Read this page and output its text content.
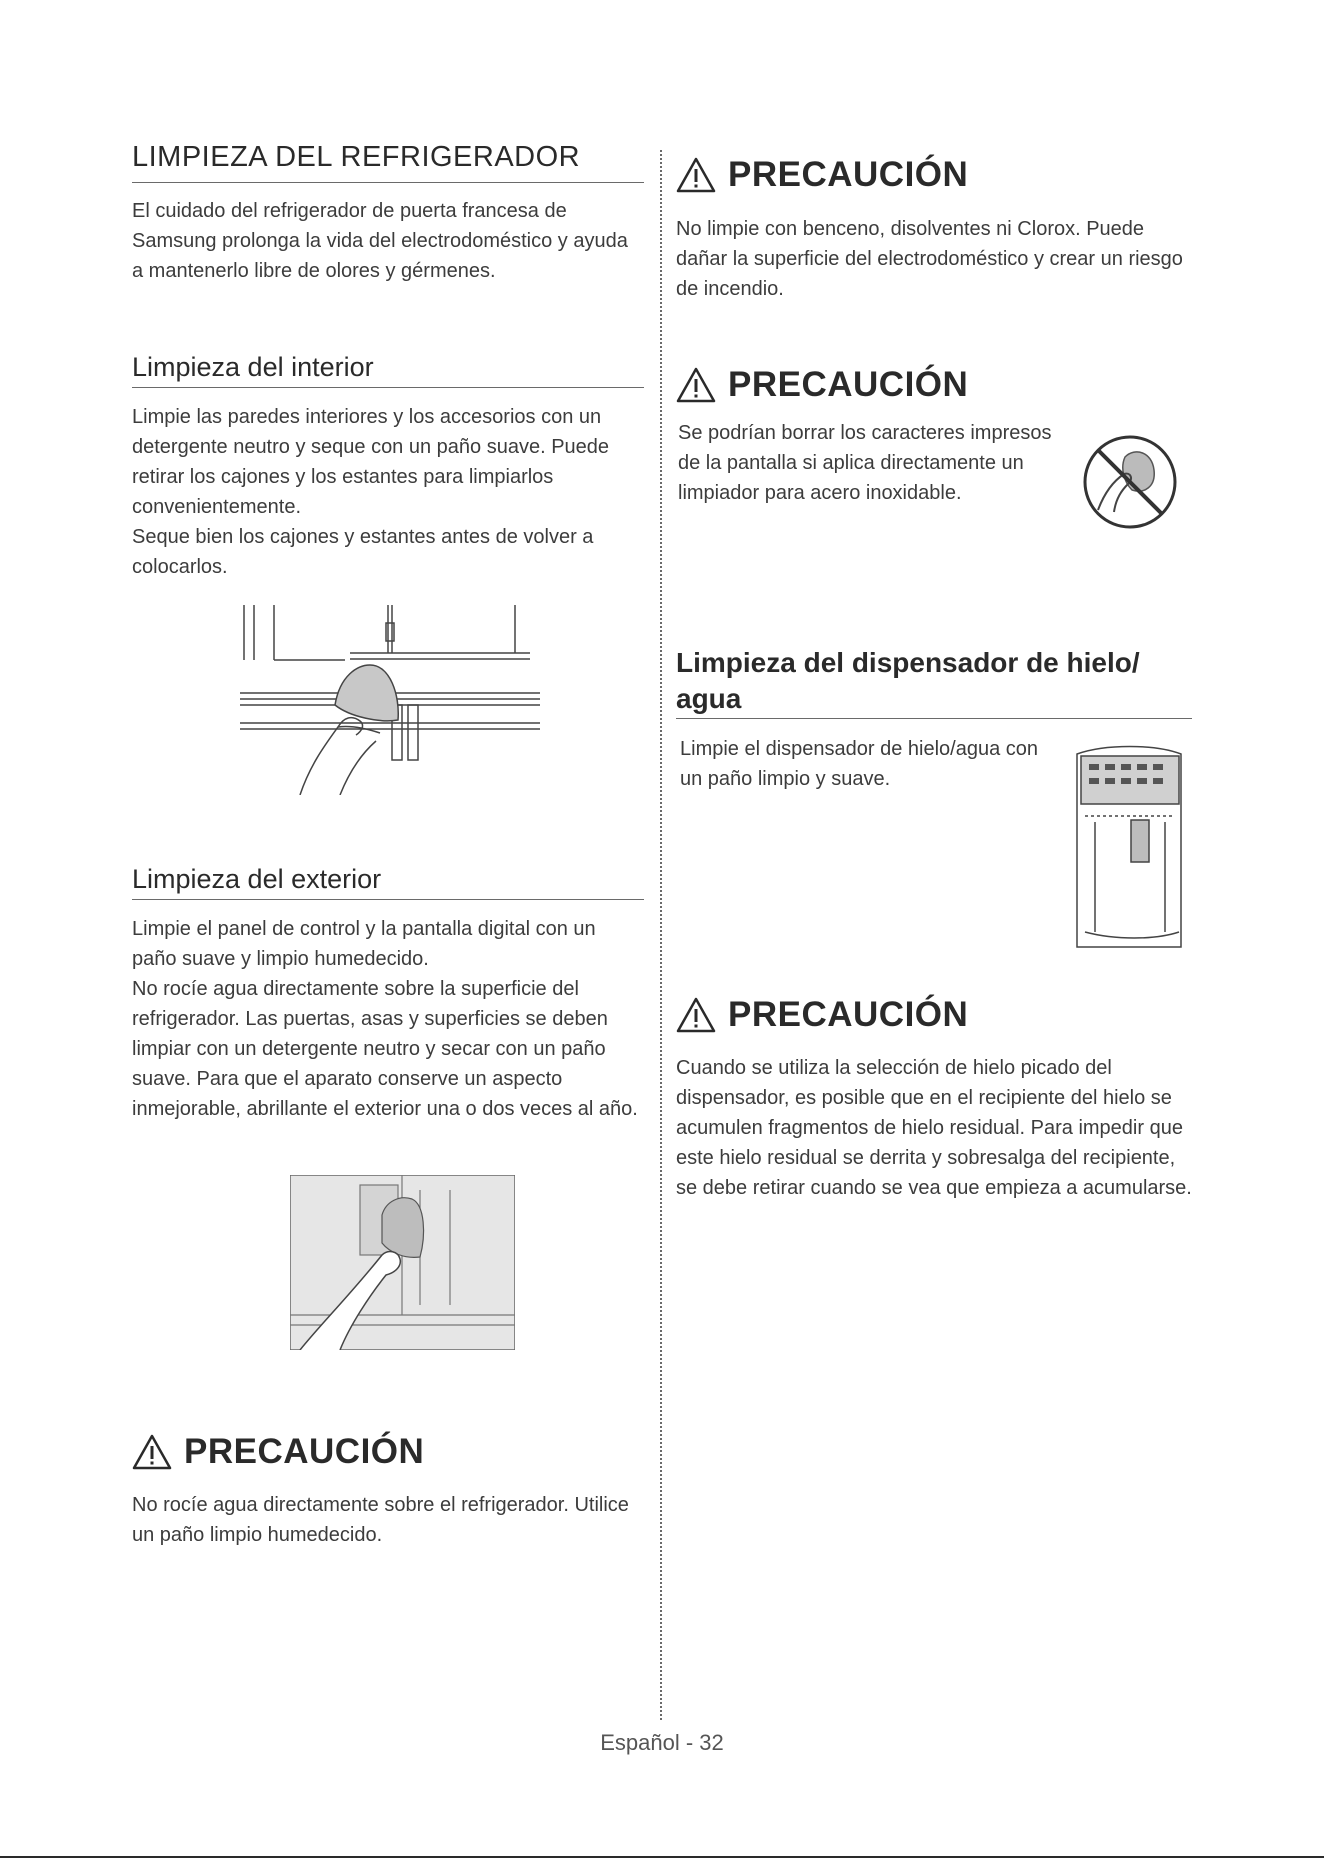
LIMPIEZA DEL REFRIGERADOR
El cuidado del refrigerador de puerta francesa de Samsung prolonga la vida del electrodoméstico y ayuda a mantenerlo libre de olores y gérmenes.
Limpieza del interior

Limpie las paredes interiores y los accesorios con un detergente neutro y seque con un paño suave. Puede retirar los cajones y los estantes para limpiarlos convenientemente.

Seque bien los cajones y estantes antes de volver a colocarlos.

Limpieza del exterior

Limpie el panel de control y la pantalla digital con un paño suave y limpio humedecido.

No rocíe agua directamente sobre la superficie del refrigerador. Las puertas, asas y superficies se deben limpiar con un detergente neutro y secar con un paño suave. Para que el aparato conserve un aspecto inmejorable, abrillante el exterior una o dos veces al año.

PRECAUCIÓN
No rocíe agua directamente sobre el refrigerador. Utilice un paño limpio humedecido.
PRECAUCIÓN
No limpie con benceno, disolventes ni Clorox. Puede dañar la superficie del electrodoméstico y crear un riesgo de incendio.
PRECAUCIÓN
Se podrían borrar los caracteres impresos de la pantalla si aplica directamente un limpiador para acero inoxidable.
Limpieza del dispensador de hielo/ agua
Limpie el dispensador de hielo/agua con un paño limpio y suave.
PRECAUCIÓN
Cuando se utiliza la selección de hielo picado del dispensador, es posible que en el recipiente del hielo se acumulen fragmentos de hielo residual. Para impedir que este hielo residual se derrita y sobresalga del recipiente, se debe retirar cuando se vea que empieza a acumularse.
Español - 32
